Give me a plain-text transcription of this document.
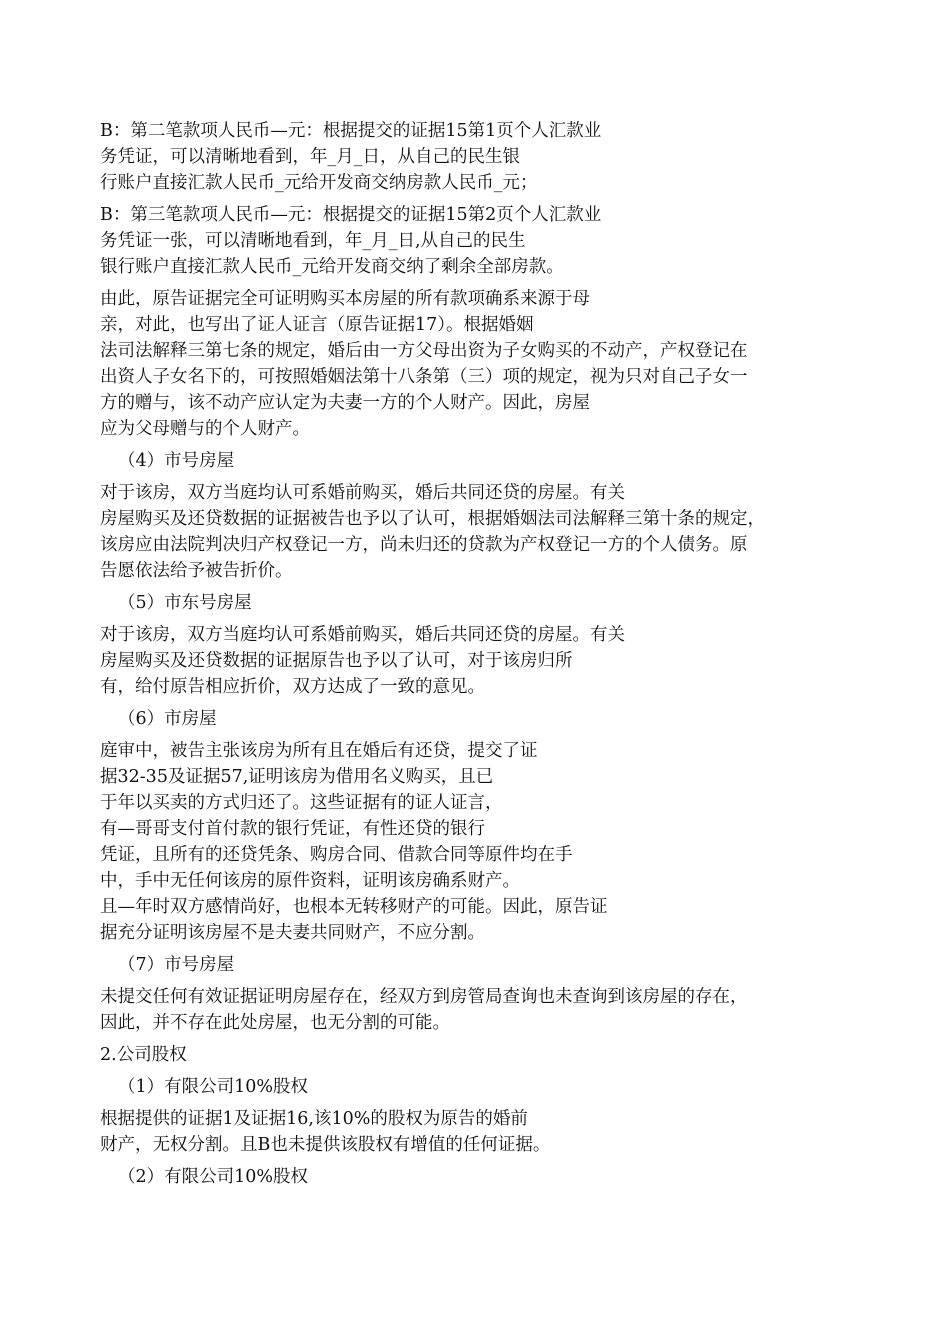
B：第二笔款项人民币—元：根据提交的证据15第1页个人汇款业
务凭证，可以清晰地看到，年_月_日，从自己的民生银
行账户直接汇款人民币_元给开发商交纳房款人民币_元；
B：第三笔款项人民币—元：根据提交的证据15第2页个人汇款业
务凭证一张，可以清晰地看到，年_月_日,从自己的民生
银行账户直接汇款人民币_元给开发商交纳了剩余全部房款。
由此，原告证据完全可证明购买本房屋的所有款项确系来源于母
亲，对此，也写出了证人证言（原告证据17）。根据婚姻
法司法解释三第七条的规定，婚后由一方父母出资为子女购买的不动产，产权登记在
出资人子女名下的，可按照婚姻法第十八条第（三）项的规定，视为只对自己子女一
方的赠与，该不动产应认定为夫妻一方的个人财产。因此，房屋
应为父母赠与的个人财产。
（4）市号房屋
对于该房，双方当庭均认可系婚前购买，婚后共同还贷的房屋。有关
房屋购买及还贷数据的证据被告也予以了认可，根据婚姻法司法解释三第十条的规定，
该房应由法院判决归产权登记一方，尚未归还的贷款为产权登记一方的个人债务。原
告愿依法给予被告折价。
（5）市东号房屋
对于该房，双方当庭均认可系婚前购买，婚后共同还贷的房屋。有关
房屋购买及还贷数据的证据原告也予以了认可，对于该房归所
有，给付原告相应折价，双方达成了一致的意见。
（6）市房屋
庭审中，被告主张该房为所有且在婚后有还贷，提交了证
据32-35及证据57,证明该房为借用名义购买，且已
于年以买卖的方式归还了。这些证据有的证人证言，
有—哥哥支付首付款的银行凭证，有性还贷的银行
凭证，且所有的还贷凭条、购房合同、借款合同等原件均在手
中，手中无任何该房的原件资料，证明该房确系财产。
且—年时双方感情尚好，也根本无转移财产的可能。因此，原告证
据充分证明该房屋不是夫妻共同财产，不应分割。
（7）市号房屋
未提交任何有效证据证明房屋存在，经双方到房管局查询也未查询到该房屋的存在，
因此，并不存在此处房屋，也无分割的可能。
2.公司股权
（1）有限公司10%股权
根据提供的证据1及证据16,该10%的股权为原告的婚前
财产，无权分割。且B也未提供该股权有增值的任何证据。
（2）有限公司10%股权
